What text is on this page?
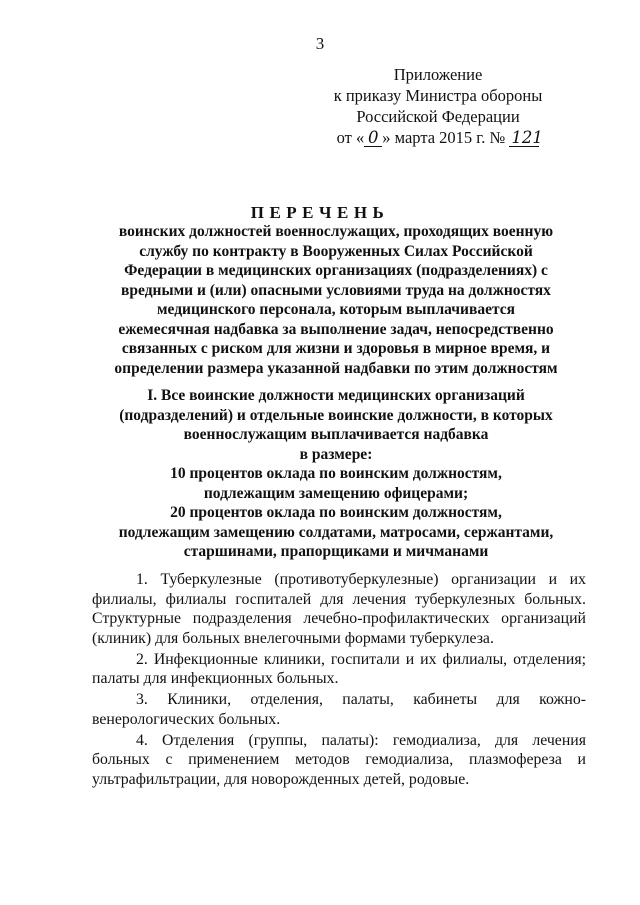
3
Приложение
к приказу Министра обороны
Российской Федерации
от « 0 » марта 2015 г. № 121
ПЕРЕЧЕНЬ
воинских должностей военнослужащих, проходящих военную
службу по контракту в Вооруженных Силах Российской
Федерации в медицинских организациях (подразделениях) с
вредными и (или) опасными условиями труда на должностях
медицинского персонала, которым выплачивается
ежемесячная надбавка за выполнение задач, непосредственно
связанных с риском для жизни и здоровья в мирное время, и
определении размера указанной надбавки по этим должностям
I. Все воинские должности медицинских организаций
(подразделений) и отдельные воинские должности, в которых
военнослужащим выплачивается надбавка
в размере:
10 процентов оклада по воинским должностям,
подлежащим замещению офицерами;
20 процентов оклада по воинским должностям,
подлежащим замещению солдатами, матросами, сержантами,
старшинами, прапорщиками и мичманами

1. Туберкулезные (противотуберкулезные) организации и их филиалы, филиалы госпиталей для лечения туберкулезных больных. Структурные подразделения лечебно-профилактических организаций (клиник) для больных внелегочными формами туберкулеза.

2. Инфекционные клиники, госпитали и их филиалы, отделения; палаты для инфекционных больных.

3. Клиники, отделения, палаты, кабинеты для кожно-венерологических больных.

4. Отделения (группы, палаты): гемодиализа, для лечения больных с применением методов гемодиализа, плазмофереза и ультрафильтрации, для новорожденных детей, родовые.
